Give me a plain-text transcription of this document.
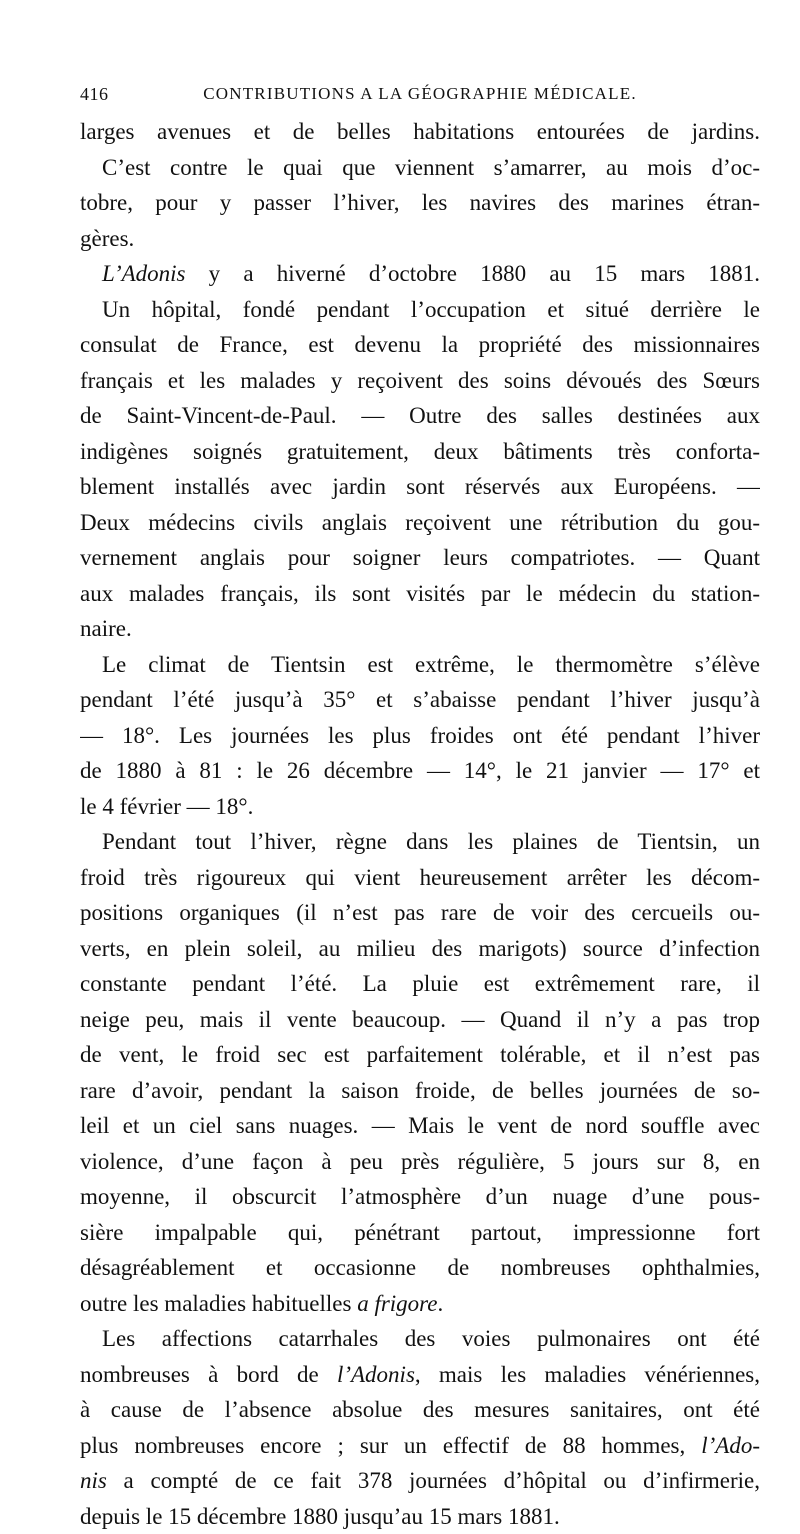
416	CONTRIBUTIONS A LA GÉOGRAPHIE MÉDICALE.
larges avenues et de belles habitations entourées de jardins.
C’est contre le quai que viennent s’amarrer, au mois d’oc-
tobre, pour y passer l’hiver, les navires des marines étran-
gères.
L’Adonis y a hiverné d’octobre 1880 au 15 mars 1881.
Un hôpital, fondé pendant l’occupation et situé derrière le
consulat de France, est devenu la propriété des missionnaires
français et les malades y reçoivent des soins dévoués des Sœurs
de Saint-Vincent-de-Paul. — Outre des salles destinées aux
indigènes soignés gratuitement, deux bâtiments très conforta-
blement installés avec jardin sont réservés aux Européens. —
Deux médecins civils anglais reçoivent une rétribution du gou-
vernement anglais pour soigner leurs compatriotes. — Quant
aux malades français, ils sont visités par le médecin du station-
naire.
Le climat de Tientsin est extrême, le thermomètre s’élève
pendant l’été jusqu’à 35° et s’abaisse pendant l’hiver jusqu’à
— 18°. Les journées les plus froides ont été pendant l’hiver
de 1880 à 81 : le 26 décembre — 14°, le 21 janvier — 17° et
le 4 février — 18°.
Pendant tout l’hiver, règne dans les plaines de Tientsin, un
froid très rigoureux qui vient heureusement arrêter les décom-
positions organiques (il n’est pas rare de voir des cercueils ou-
verts, en plein soleil, au milieu des marigots) source d’infection
constante pendant l’été. La pluie est extrêmement rare, il
neige peu, mais il vente beaucoup. — Quand il n’y a pas trop
de vent, le froid sec est parfaitement tolérable, et il n’est pas
rare d’avoir, pendant la saison froide, de belles journées de so-
leil et un ciel sans nuages. — Mais le vent de nord souffle avec
violence, d’une façon à peu près régulière, 5 jours sur 8, en
moyenne, il obscurcit l’atmosphère d’un nuage d’une pous-
sière impalpable qui, pénétrant partout, impressionne fort
désagréablement et occasionne de nombreuses ophthalmies,
outre les maladies habituelles a frigore.
Les affections catarrhales des voies pulmonaires ont été
nombreuses à bord de l’Adonis, mais les maladies vénériennes,
à cause de l’absence absolue des mesures sanitaires, ont été
plus nombreuses encore ; sur un effectif de 88 hommes, l’Ado-
nis a compté de ce fait 378 journées d’hôpital ou d’infirmerie,
depuis le 15 décembre 1880 jusqu’au 15 mars 1881.
